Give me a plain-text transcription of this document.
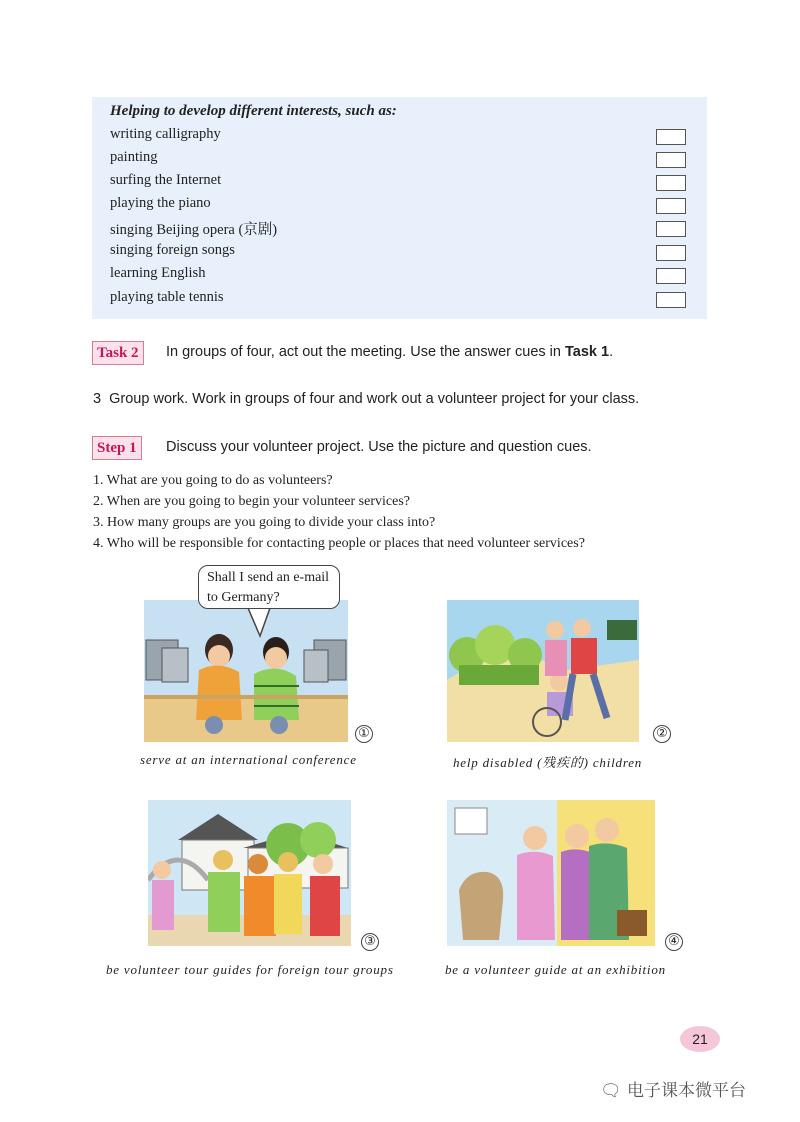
Helping to develop different interests, such as:
writing calligraphy
painting
surfing the Internet
playing the piano
singing Beijing opera (京剧)
singing foreign songs
learning English
playing table tennis
Task 2	In groups of four, act out the meeting. Use the answer cues in Task 1.
3 Group work. Work in groups of four and work out a volunteer project for your class.
Step 1	Discuss your volunteer project. Use the picture and question cues.
1. What are you going to do as volunteers?
2. When are you going to begin your volunteer services?
3. How many groups are you going to divide your class into?
4. Who will be responsible for contacting people or places that need volunteer services?
Shall I send an e-mail
to Germany?
①
serve at an international conference
②
help disabled (残疾的) children
③
be volunteer tour guides for foreign tour groups
④
be a volunteer guide at an exhibition
21
🗨 电子课本微平台
